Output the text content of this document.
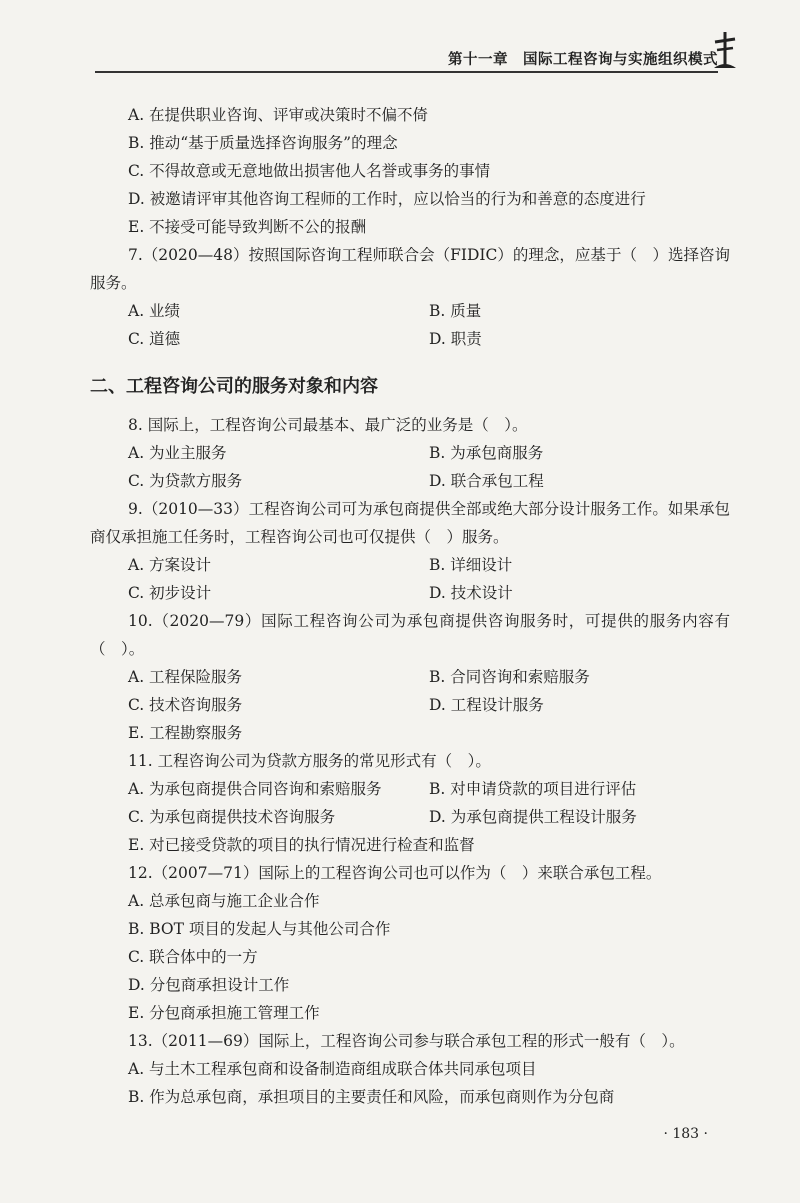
第十一章　国际工程咨询与实施组织模式
A. 在提供职业咨询、评审或决策时不偏不倚
B. 推动“基于质量选择咨询服务”的理念
C. 不得故意或无意地做出损害他人名誉或事务的事情
D. 被邀请评审其他咨询工程师的工作时，应以恰当的行为和善意的态度进行
E. 不接受可能导致判断不公的报酬
7.（2020—48）按照国际咨询工程师联合会（FIDIC）的理念，应基于（　）选择咨询服务。
A. 业绩	B. 质量
C. 道德	D. 职责
二、工程咨询公司的服务对象和内容
8. 国际上，工程咨询公司最基本、最广泛的业务是（　）。
A. 为业主服务	B. 为承包商服务
C. 为贷款方服务	D. 联合承包工程
9.（2010—33）工程咨询公司可为承包商提供全部或绝大部分设计服务工作。如果承包商仅承担施工任务时，工程咨询公司也可仅提供（　）服务。
A. 方案设计	B. 详细设计
C. 初步设计	D. 技术设计
10.（2020—79）国际工程咨询公司为承包商提供咨询服务时，可提供的服务内容有（　）。
A. 工程保险服务	B. 合同咨询和索赔服务
C. 技术咨询服务	D. 工程设计服务
E. 工程勘察服务
11. 工程咨询公司为贷款方服务的常见形式有（　）。
A. 为承包商提供合同咨询和索赔服务	B. 对申请贷款的项目进行评估
C. 为承包商提供技术咨询服务	D. 为承包商提供工程设计服务
E. 对已接受贷款的项目的执行情况进行检查和监督
12.（2007—71）国际上的工程咨询公司也可以作为（　）来联合承包工程。
A. 总承包商与施工企业合作
B. BOT 项目的发起人与其他公司合作
C. 联合体中的一方
D. 分包商承担设计工作
E. 分包商承担施工管理工作
13.（2011—69）国际上，工程咨询公司参与联合承包工程的形式一般有（　）。
A. 与土木工程承包商和设备制造商组成联合体共同承包项目
B. 作为总承包商，承担项目的主要责任和风险，而承包商则作为分包商
· 183 ·
